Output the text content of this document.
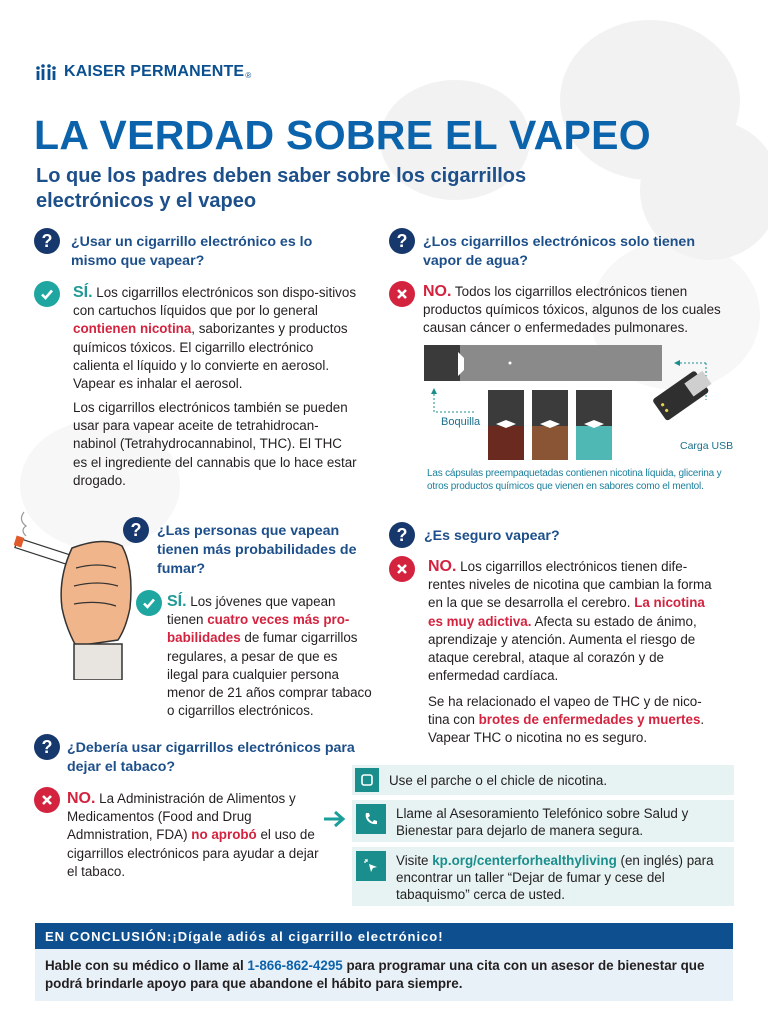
KAISER PERMANENTE ®
LA VERDAD SOBRE EL VAPEO
Lo que los padres deben saber sobre los cigarrillos electrónicos y el vapeo
?	¿Usar un cigarrillo electrónico es lo mismo que vapear?
SÍ. Los cigarrillos electrónicos son dispo-sitivos con cartuchos líquidos que por lo general contienen nicotina, saborizantes y productos químicos tóxicos. El cigarrillo electrónico calienta el líquido y lo convierte en aerosol. Vapear es inhalar el aerosol.
Los cigarrillos electrónicos también se pueden usar para vapear aceite de tetrahidrocan-nabinol (Tetrahydrocannabinol, THC). El THC es el ingrediente del cannabis que lo hace estar drogado.
?	¿Los cigarrillos electrónicos solo tienen vapor de agua?
NO. Todos los cigarrillos electrónicos tienen productos químicos tóxicos, algunos de los cuales causan cáncer o enfermedades pulmonares.
Boquilla
Carga USB
Las cápsulas preempaquetadas contienen nicotina líquida, glicerina y otros productos químicos que vienen en sabores como el mentol.
?	¿Las personas que vapean tienen más probabilidades de fumar?
SÍ. Los jóvenes que vapean tienen cuatro veces más pro-babilidades de fumar cigarrillos regulares, a pesar de que es ilegal para cualquier persona menor de 21 años comprar tabaco o cigarrillos electrónicos.
?	¿Es seguro vapear?
NO. Los cigarrillos electrónicos tienen dife-rentes niveles de nicotina que cambian la forma en la que se desarrolla el cerebro. La nicotina es muy adictiva. Afecta su estado de ánimo, aprendizaje y atención. Aumenta el riesgo de ataque cerebral, ataque al corazón y de enfermedad cardíaca.
Se ha relacionado el vapeo de THC y de nico-tina con brotes de enfermedades y muertes. Vapear THC o nicotina no es seguro.
?	¿Debería usar cigarrillos electrónicos para dejar el tabaco?
NO. La Administración de Alimentos y Medicamentos (Food and Drug Admnistration, FDA) no aprobó el uso de cigarrillos electrónicos para ayudar a dejar el tabaco.
Use el parche o el chicle de nicotina.
Llame al Asesoramiento Telefónico sobre Salud y Bienestar para dejarlo de manera segura.
Visite kp.org/centerforhealthyliving (en inglés) para encontrar un taller “Dejar de fumar y cese del tabaquismo” cerca de usted.
EN CONCLUSIÓN: ¡Dígale adiós al cigarrillo electrónico!
Hable con su médico o llame al 1-866-862-4295 para programar una cita con un asesor de bienestar que podrá brindarle apoyo para que abandone el hábito para siempre.
